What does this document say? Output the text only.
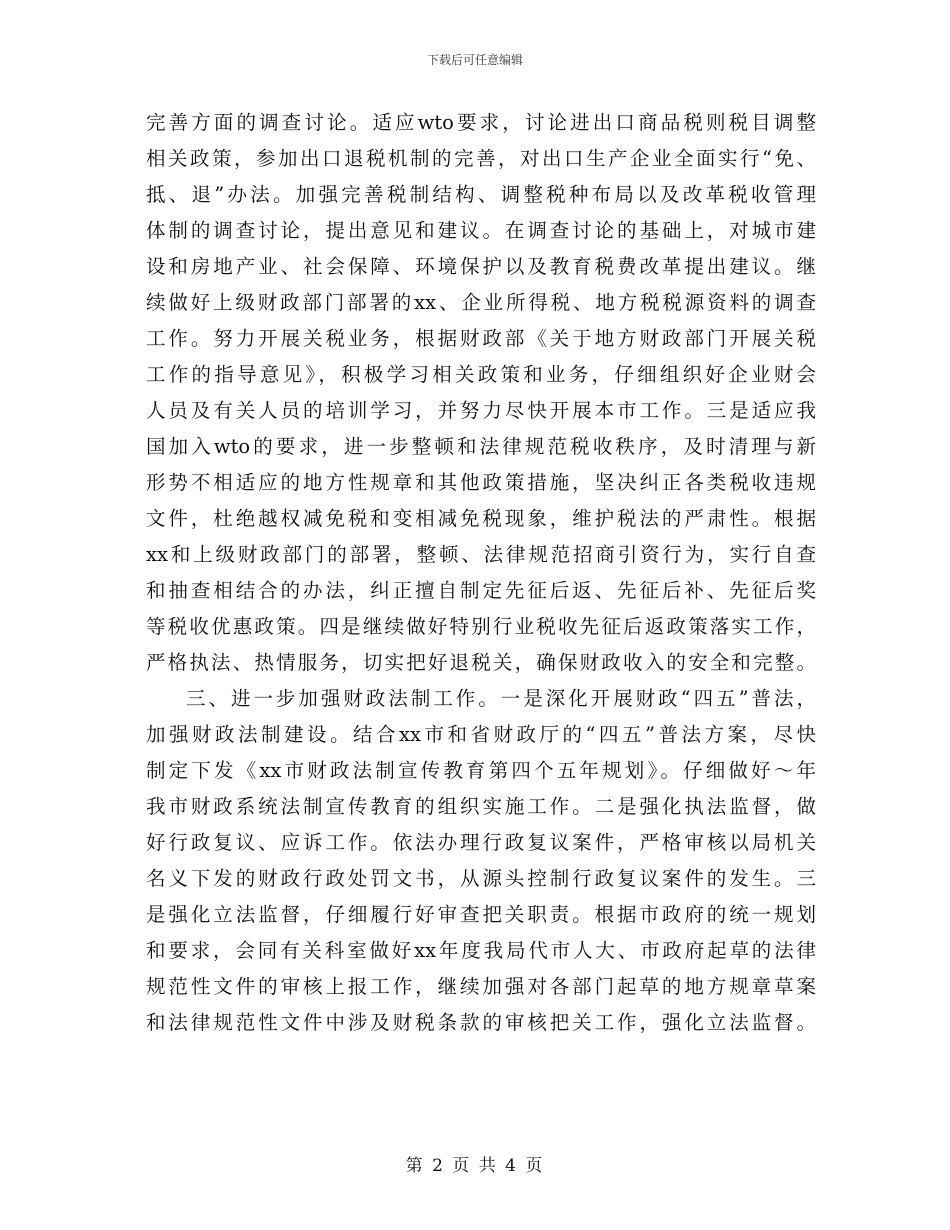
下载后可任意编辑
完善方面的调查讨论。适应wto要求，讨论进出口商品税则税目调整
相关政策，参加出口退税机制的完善，对出口生产企业全面实行“免、
抵、退”办法。加强完善税制结构、调整税种布局以及改革税收管理
体制的调查讨论，提出意见和建议。在调查讨论的基础上，对城市建
设和房地产业、社会保障、环境保护以及教育税费改革提出建议。继
续做好上级财政部门部署的xx、企业所得税、地方税税源资料的调查
工作。努力开展关税业务，根据财政部《关于地方财政部门开展关税
工作的指导意见》，积极学习相关政策和业务，仔细组织好企业财会
人员及有关人员的培训学习，并努力尽快开展本市工作。三是适应我
国加入wto的要求，进一步整顿和法律规范税收秩序，及时清理与新
形势不相适应的地方性规章和其他政策措施，坚决纠正各类税收违规
文件，杜绝越权减免税和变相减免税现象，维护税法的严肃性。根据
xx和上级财政部门的部署，整顿、法律规范招商引资行为，实行自查
和抽查相结合的办法，纠正擅自制定先征后返、先征后补、先征后奖
等税收优惠政策。四是继续做好特别行业税收先征后返政策落实工作，
严格执法、热情服务，切实把好退税关，确保财政收入的安全和完整。
三、进一步加强财政法制工作。一是深化开展财政“四五”普法，
加强财政法制建设。结合xx市和省财政厅的“四五”普法方案，尽快
制定下发《xx市财政法制宣传教育第四个五年规划》。仔细做好～年
我市财政系统法制宣传教育的组织实施工作。二是强化执法监督，做
好行政复议、应诉工作。依法办理行政复议案件，严格审核以局机关
名义下发的财政行政处罚文书，从源头控制行政复议案件的发生。三
是强化立法监督，仔细履行好审查把关职责。根据市政府的统一规划
和要求，会同有关科室做好xx年度我局代市人大、市政府起草的法律
规范性文件的审核上报工作，继续加强对各部门起草的地方规章草案
和法律规范性文件中涉及财税条款的审核把关工作，强化立法监督。
第 2 页 共 4 页
